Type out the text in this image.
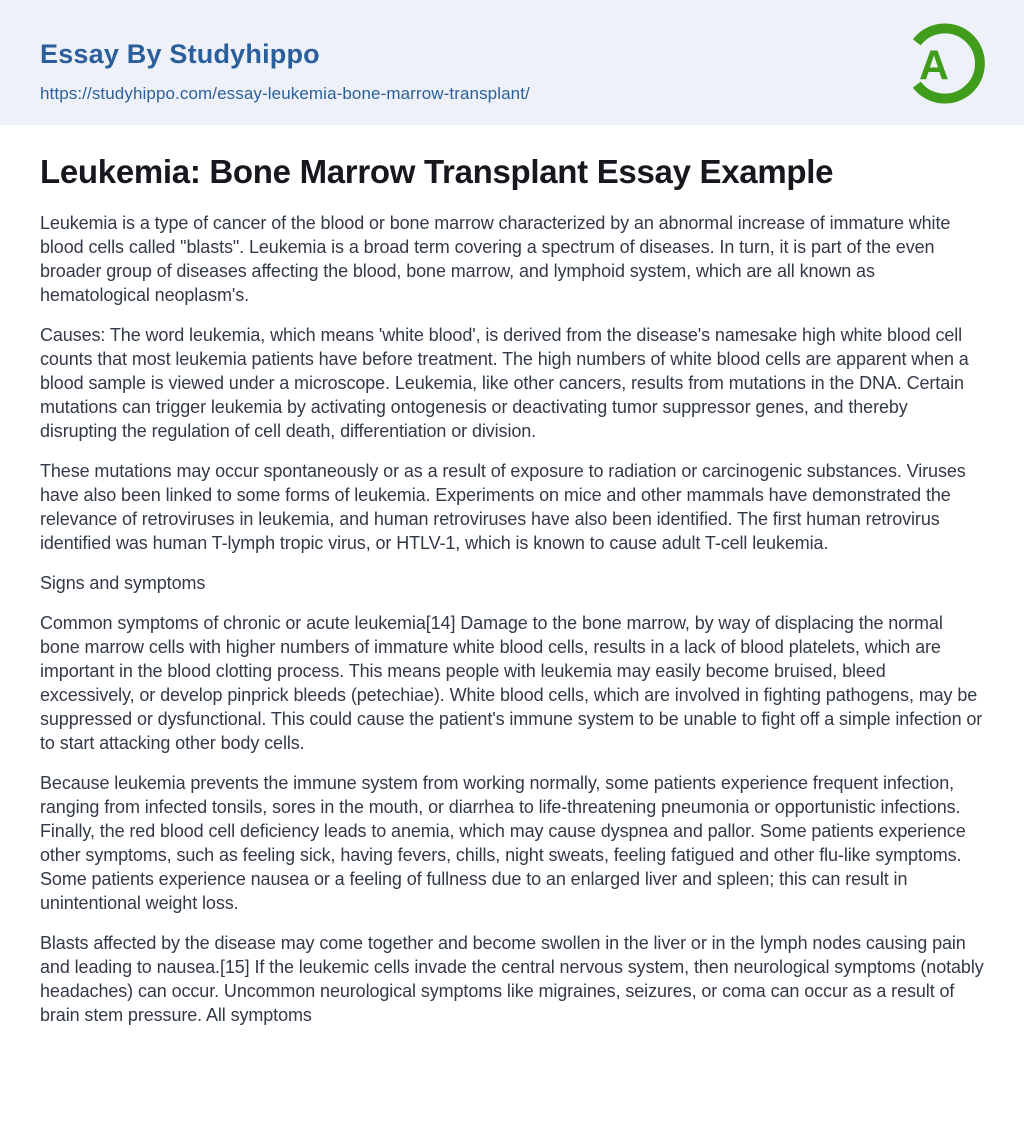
Essay By Studyhippo
https://studyhippo.com/essay-leukemia-bone-marrow-transplant/
A
Leukemia: Bone Marrow Transplant Essay Example

Leukemia is a type of cancer of the blood or bone marrow characterized by an abnormal increase of immature white blood cells called "blasts". Leukemia is a broad term covering a spectrum of diseases. In turn, it is part of the even broader group of diseases affecting the blood, bone marrow, and lymphoid system, which are all known as hematological neoplasm's.

Causes: The word leukemia, which means 'white blood', is derived from the disease's namesake high white blood cell counts that most leukemia patients have before treatment. The high numbers of white blood cells are apparent when a blood sample is viewed under a microscope. Leukemia, like other cancers, results from mutations in the DNA. Certain mutations can trigger leukemia by activating ontogenesis or deactivating tumor suppressor genes, and thereby disrupting the regulation of cell death, differentiation or division.

These mutations may occur spontaneously or as a result of exposure to radiation or carcinogenic substances. Viruses have also been linked to some forms of leukemia. Experiments on mice and other mammals have demonstrated the relevance of retroviruses in leukemia, and human retroviruses have also been identified. The first human retrovirus identified was human T-lymph tropic virus, or HTLV-1, which is known to cause adult T-cell leukemia.

Signs and symptoms

Common symptoms of chronic or acute leukemia[14] Damage to the bone marrow, by way of displacing the normal bone marrow cells with higher numbers of immature white blood cells, results in a lack of blood platelets, which are important in the blood clotting process. This means people with leukemia may easily become bruised, bleed excessively, or develop pinprick bleeds (petechiae). White blood cells, which are involved in fighting pathogens, may be suppressed or dysfunctional. This could cause the patient's immune system to be unable to fight off a simple infection or to start attacking other body cells.

Because leukemia prevents the immune system from working normally, some patients experience frequent infection, ranging from infected tonsils, sores in the mouth, or diarrhea to life-threatening pneumonia or opportunistic infections. Finally, the red blood cell deficiency leads to anemia, which may cause dyspnea and pallor. Some patients experience other symptoms, such as feeling sick, having fevers, chills, night sweats, feeling fatigued and other flu-like symptoms. Some patients experience nausea or a feeling of fullness due to an enlarged liver and spleen; this can result in unintentional weight loss.

Blasts affected by the disease may come together and become swollen in the liver or in the lymph nodes causing pain and leading to nausea.[15] If the leukemic cells invade the central nervous system, then neurological symptoms (notably headaches) can occur. Uncommon neurological symptoms like migraines, seizures, or coma can occur as a result of brain stem pressure. All symptoms
